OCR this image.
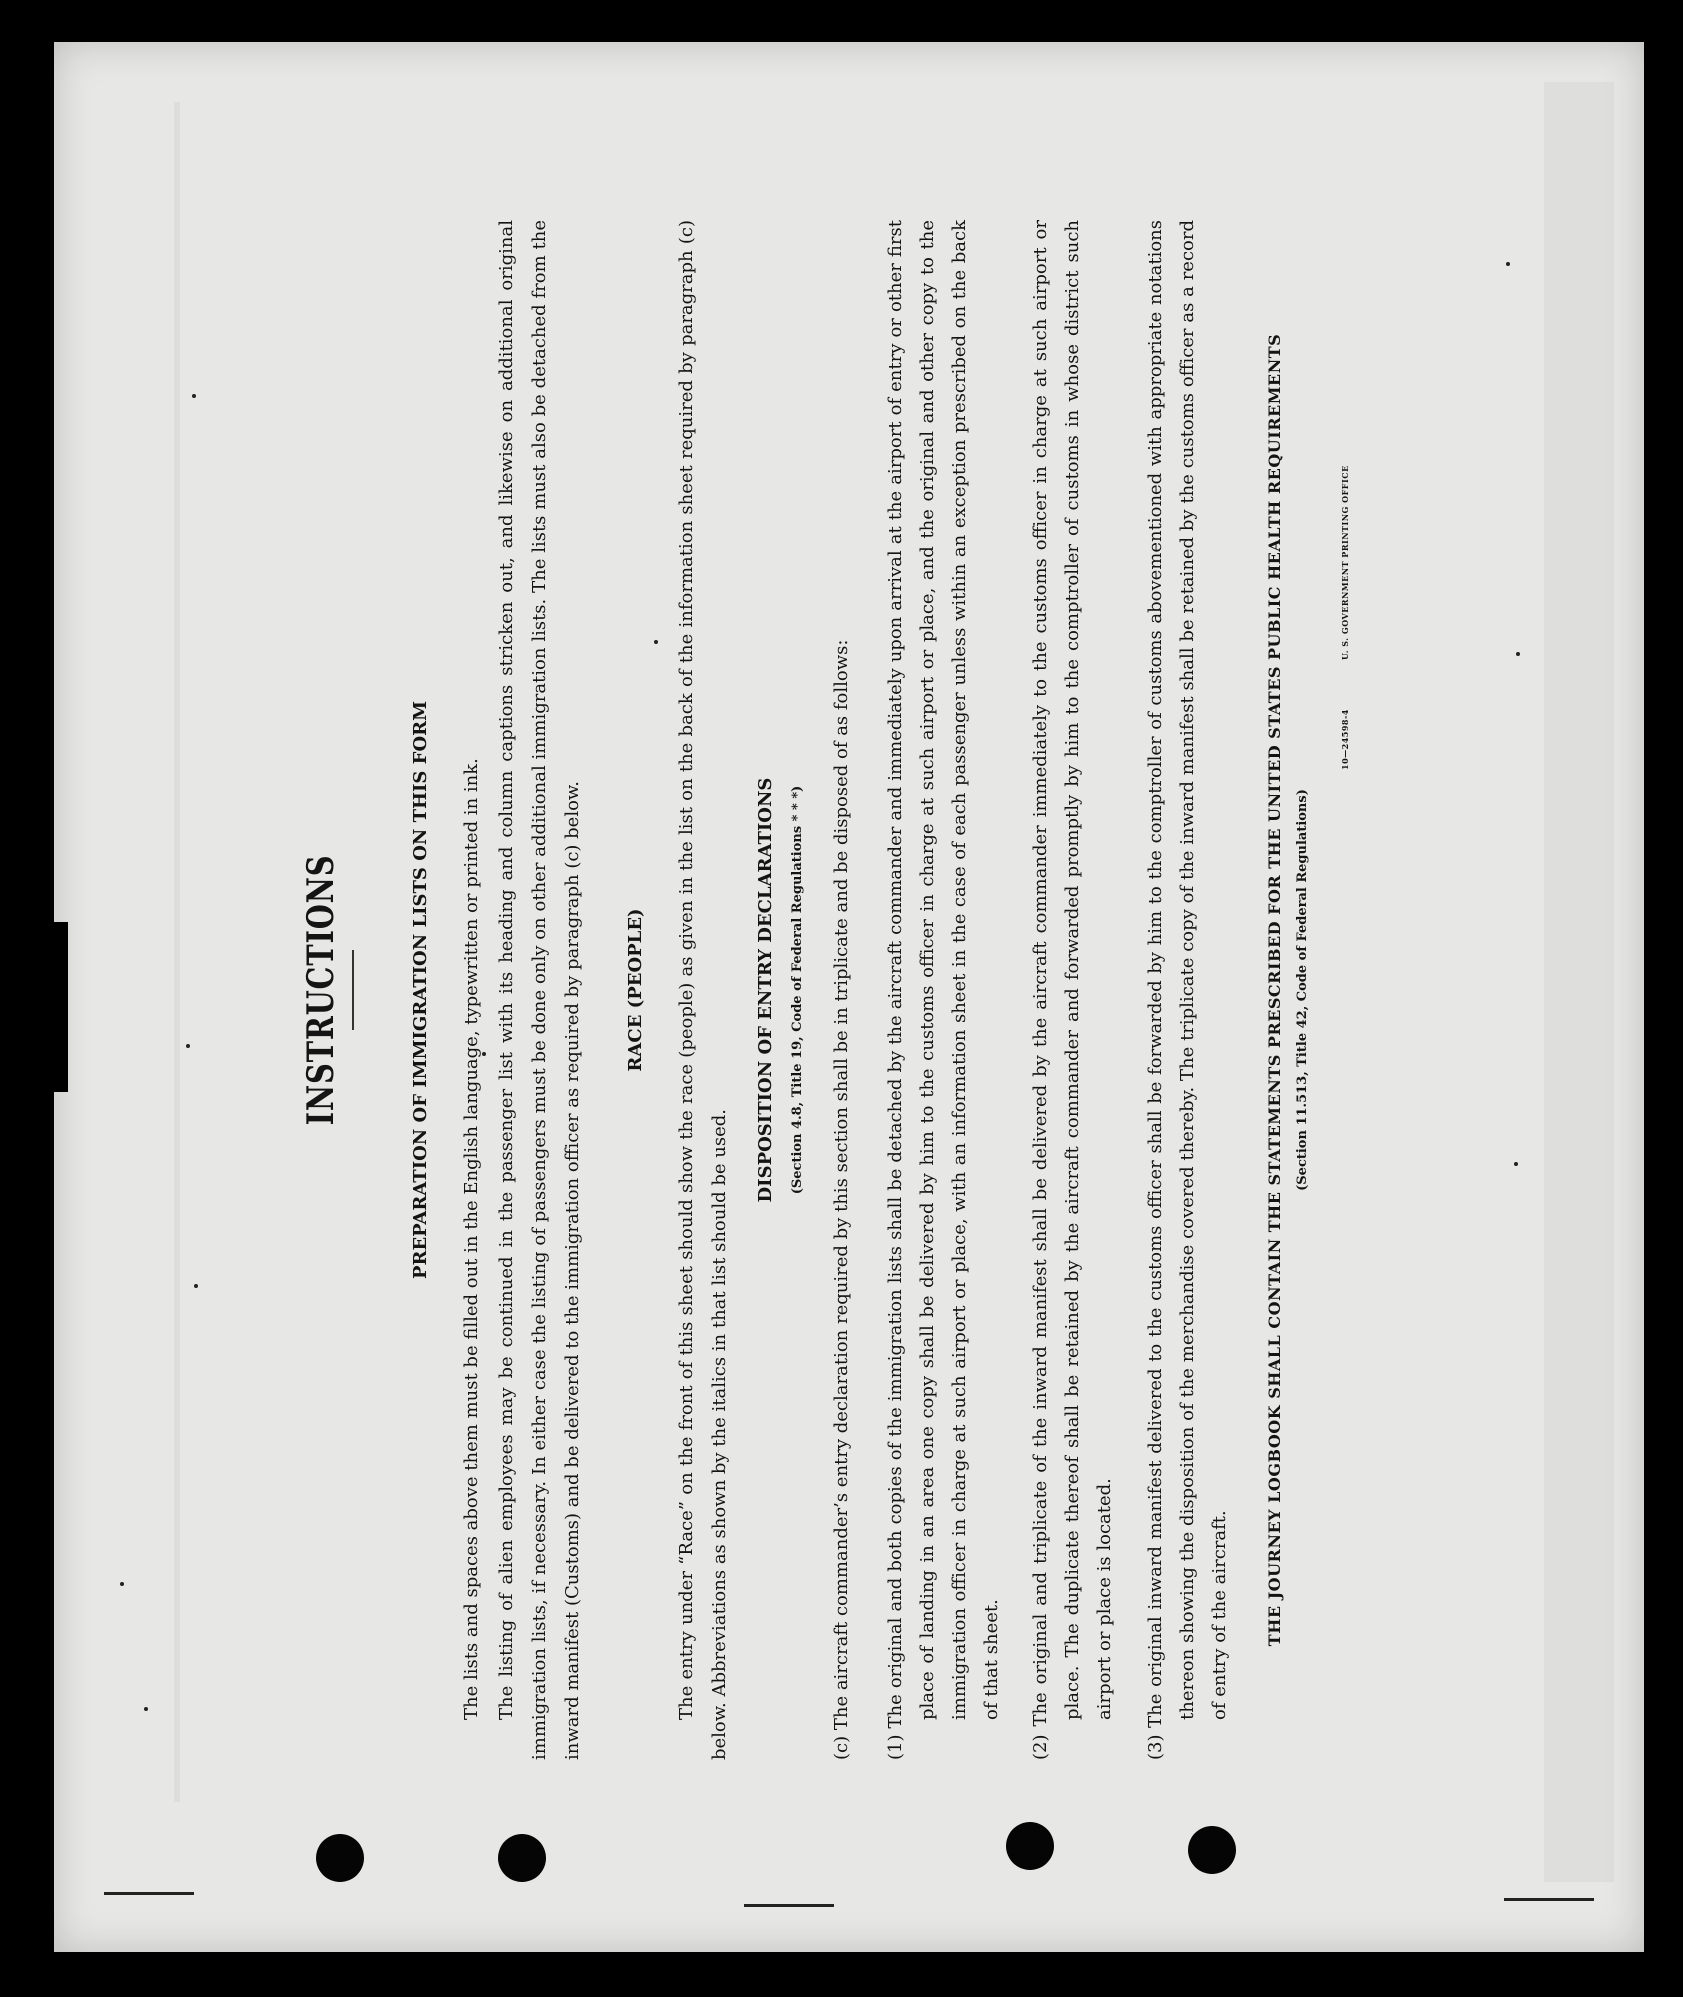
INSTRUCTIONS	PREPARATION OF IMMIGRATION LISTS ON THIS FORM	The lists and spaces above them must be filled out in the English language, typewritten or printed in ink. The listing of alien employees may be continued in the passenger list with its heading and column captions stricken out, and likewise on additional original immigration lists, if necessary. In either case the listing of passengers must be done only on other additional immigration lists. The lists must also be detached from the inward manifest (Customs) and be delivered to the immigration officer as required by paragraph (c) below.	RACE (PEOPLE)	The entry under “Race” on the front of this sheet should show the race (people) as given in the list on the back of the information sheet required by paragraph (c) below. Abbreviations as shown by the italics in that list should be used.
DISPOSITION OF ENTRY DECLARATIONS (Section 4.8, Title 19, Code of Federal Regulations * * *)	(c) The aircraft commander’s entry declaration required by this section shall be in triplicate and be disposed of as follows:	(1) The original and both copies of the immigration lists shall be detached by the aircraft commander and immediately upon arrival at the airport of entry or other first place of landing in an area one copy shall be delivered by him to the customs officer in charge at such airport or place, and the original and other copy to the immigration officer in charge at such airport or place, with an information sheet in the case of each passenger unless within an exception prescribed on the back of that sheet.	(2) The original and triplicate of the inward manifest shall be delivered by the aircraft commander immediately to the customs officer in charge at such airport or place. The duplicate thereof shall be retained by the aircraft commander and forwarded promptly by him to the comptroller of customs in whose district such airport or place is located.	(3) The original inward manifest delivered to the customs officer shall be forwarded by him to the comptroller of customs abovementioned with appropriate notations thereon showing the disposition of the merchandise covered thereby. The triplicate copy of the inward manifest shall be retained by the customs officer as a record of entry of the aircraft.	THE JOURNEY LOGBOOK SHALL CONTAIN THE STATEMENTS PRESCRIBED FOR THE UNITED STATES PUBLIC HEALTH REQUIREMENTS (Section 11.513, Title 42, Code of Federal Regulations)
10—24598-4
U. S. GOVERNMENT PRINTING OFFICE
